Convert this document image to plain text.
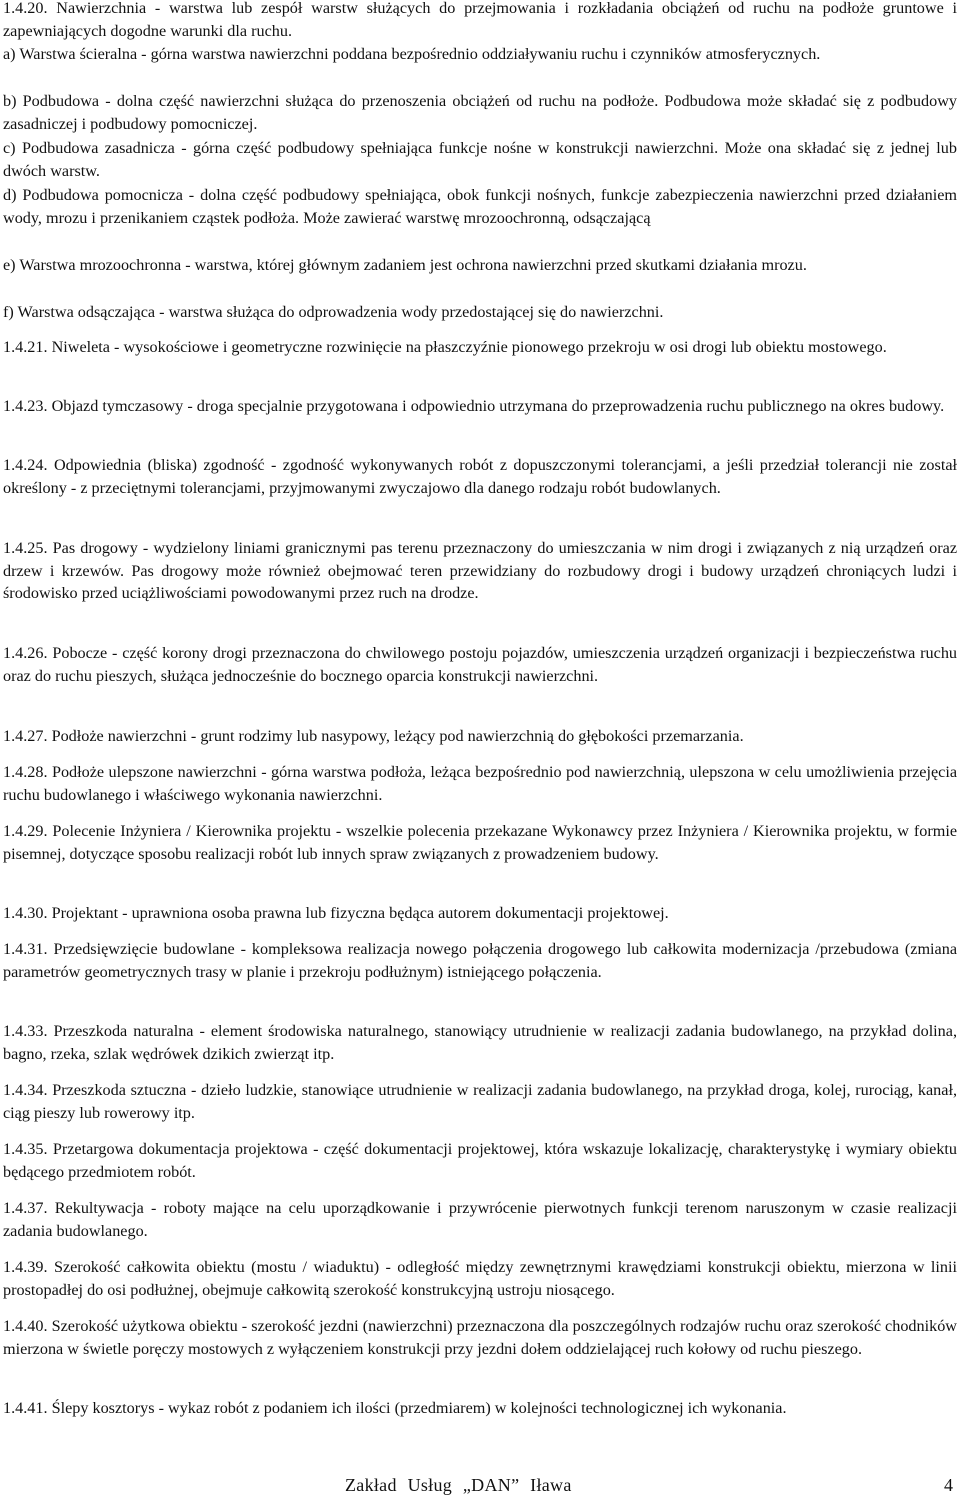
1.4.20. Nawierzchnia - warstwa lub zespół warstw służących do przejmowania i rozkładania obciążeń od ruchu na podłoże gruntowe i zapewniających dogodne warunki dla ruchu.

a) Warstwa ścieralna - górna warstwa nawierzchni poddana bezpośrednio oddziaływaniu ruchu i czynników atmosferycznych.

b) Podbudowa - dolna część nawierzchni służąca do przenoszenia obciążeń od ruchu na podłoże. Podbudowa może składać się z podbudowy zasadniczej i podbudowy pomocniczej.

c) Podbudowa zasadnicza - górna część podbudowy spełniająca funkcje nośne w konstrukcji nawierzchni. Może ona składać się z jednej lub dwóch warstw.

d) Podbudowa pomocnicza - dolna część podbudowy spełniająca, obok funkcji nośnych, funkcje zabezpieczenia nawierzchni przed działaniem wody, mrozu i przenikaniem cząstek podłoża. Może zawierać warstwę mrozoochronną, odsączającą

e) Warstwa mrozoochronna - warstwa, której głównym zadaniem jest ochrona nawierzchni przed skutkami działania mrozu.

f) Warstwa odsączająca - warstwa służąca do odprowadzenia wody przedostającej się do nawierzchni.

1.4.21. Niweleta - wysokościowe i geometryczne rozwinięcie na płaszczyźnie pionowego przekroju w osi drogi lub obiektu mostowego.

1.4.23. Objazd tymczasowy - droga specjalnie przygotowana i odpowiednio utrzymana do przeprowadzenia ruchu publicznego na okres budowy.

1.4.24. Odpowiednia (bliska) zgodność - zgodność wykonywanych robót z dopuszczonymi tolerancjami, a jeśli przedział tolerancji nie został określony - z przeciętnymi tolerancjami, przyjmowanymi zwyczajowo dla danego rodzaju robót budowlanych.

1.4.25. Pas drogowy - wydzielony liniami granicznymi pas terenu przeznaczony do umieszczania w nim drogi i związanych z nią urządzeń oraz drzew i krzewów. Pas drogowy może również obejmować teren przewidziany do rozbudowy drogi i budowy urządzeń chroniących ludzi i środowisko przed uciążliwościami powodowanymi przez ruch na drodze.

1.4.26. Pobocze - część korony drogi przeznaczona do chwilowego postoju pojazdów, umieszczenia urządzeń organizacji i bezpieczeństwa ruchu oraz do ruchu pieszych, służąca jednocześnie do bocznego oparcia konstrukcji nawierzchni.

1.4.27. Podłoże nawierzchni - grunt rodzimy lub nasypowy, leżący pod nawierzchnią do głębokości przemarzania.

1.4.28. Podłoże ulepszone nawierzchni - górna warstwa podłoża, leżąca bezpośrednio pod nawierzchnią, ulepszona w celu umożliwienia przejęcia ruchu budowlanego i właściwego wykonania nawierzchni.

1.4.29. Polecenie Inżyniera / Kierownika projektu - wszelkie polecenia przekazane Wykonawcy przez Inżyniera / Kierownika projektu, w formie pisemnej, dotyczące sposobu realizacji robót lub innych spraw związanych z prowadzeniem budowy.

1.4.30. Projektant - uprawniona osoba prawna lub fizyczna będąca autorem dokumentacji projektowej.

1.4.31. Przedsięwzięcie budowlane - kompleksowa realizacja nowego połączenia drogowego lub całkowita modernizacja /przebudowa (zmiana parametrów geometrycznych trasy w planie i przekroju podłużnym) istniejącego połączenia.

1.4.33. Przeszkoda naturalna - element środowiska naturalnego, stanowiący utrudnienie w realizacji zadania budowlanego, na przykład dolina, bagno, rzeka, szlak wędrówek dzikich zwierząt itp.

1.4.34. Przeszkoda sztuczna - dzieło ludzkie, stanowiące utrudnienie w realizacji zadania budowlanego, na przykład droga, kolej, rurociąg, kanał, ciąg pieszy lub rowerowy itp.

1.4.35. Przetargowa dokumentacja projektowa - część dokumentacji projektowej, która wskazuje lokalizację, charakterystykę i wymiary obiektu będącego przedmiotem robót.

1.4.37. Rekultywacja - roboty mające na celu uporządkowanie i przywrócenie pierwotnych funkcji terenom naruszonym w czasie realizacji zadania budowlanego.

1.4.39. Szerokość całkowita obiektu (mostu / wiaduktu) - odległość między zewnętrznymi krawędziami konstrukcji obiektu, mierzona w linii prostopadłej do osi podłużnej, obejmuje całkowitą szerokość konstrukcyjną ustroju niosącego.

1.4.40. Szerokość użytkowa obiektu - szerokość jezdni (nawierzchni) przeznaczona dla poszczególnych rodzajów ruchu oraz szerokość chodników mierzona w świetle poręczy mostowych z wyłączeniem konstrukcji przy jezdni dołem oddzielającej ruch kołowy od ruchu pieszego.

1.4.41. Ślepy kosztorys - wykaz robót z podaniem ich ilości (przedmiarem) w kolejności technologicznej ich wykonania.

Zakład Usług „DAN” Iława	4
